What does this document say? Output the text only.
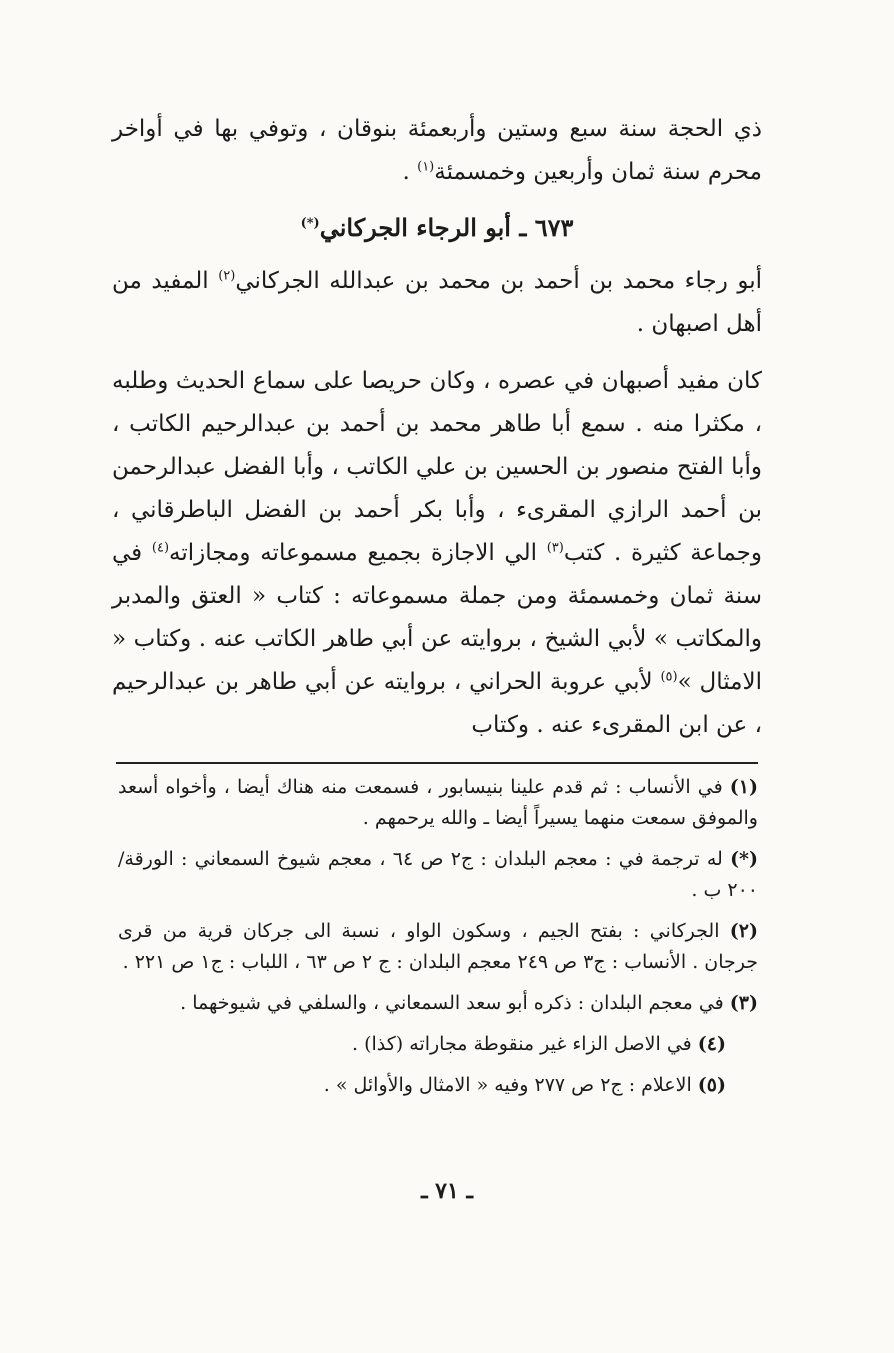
ذي الحجة سنة سبع وستين وأربعمئة بنوقان ، وتوفي بها في أواخر محرم سنة ثمان وأربعين وخمسمئة$^{(١)}$ .

٦٧٣ ـ أبو الرجاء الجركاني(*)

أبو رجاء محمد بن أحمد بن محمد بن عبدالله الجركاني$^{(٢)}$ المفيد من أهل اصبهان .

كان مفيد أصبهان في عصره ، وكان حريصا على سماع الحديث وطلبه ، مكثرا منه . سمع أبا طاهر محمد بن أحمد بن عبدالرحيم الكاتب ، وأبا الفتح منصور بن الحسين بن علي الكاتب ، وأبا الفضل عبدالرحمن بن أحمد الرازي المقرىء ، وأبا بكر أحمد بن الفضل الباطرقاني ، وجماعة كثيرة . كتب$^{(٣)}$ الي الاجازة بجميع مسموعاته ومجازاته$^{(٤)}$ في سنة ثمان وخمسمئة ومن جملة مسموعاته : كتاب « العتق والمدبر والمكاتب » لأبي الشيخ ، بروايته عن أبي طاهر الكاتب عنه . وكتاب « الامثال »$^{(٥)}$ لأبي عروبة الحراني ، بروايته عن أبي طاهر بن عبدالرحيم ، عن ابن المقرىء عنه . وكتاب

(١) في الأنساب : ثم قدم علينا بنيسابور ، فسمعت منه هناك أيضا ، وأخواه أسعد والموفق سمعت منهما يسيراً أيضا ـ والله يرحمهم .

(*) له ترجمة في : معجم البلدان : ج٢ ص ٦٤ ، معجم شيوخ السمعاني : الورقة/٢٠٠ ب .

(٢) الجركاني : بفتح الجيم ، وسكون الواو ، نسبة الى جركان قرية من قرى جرجان . الأنساب : ج٣ ص ٢٤٩ معجم البلدان : ج ٢ ص ٦٣ ، اللباب : ج١ ص ٢٢١ .

(٣) في معجم البلدان : ذكره أبو سعد السمعاني ، والسلفي في شيوخهما .

(٤) في الاصل الزاء غير منقوطة مجاراته (كذا) .

(٥) الاعلام : ج٢ ص ٢٧٧ وفيه « الامثال والأوائل » .

ـ ٧١ ـ
